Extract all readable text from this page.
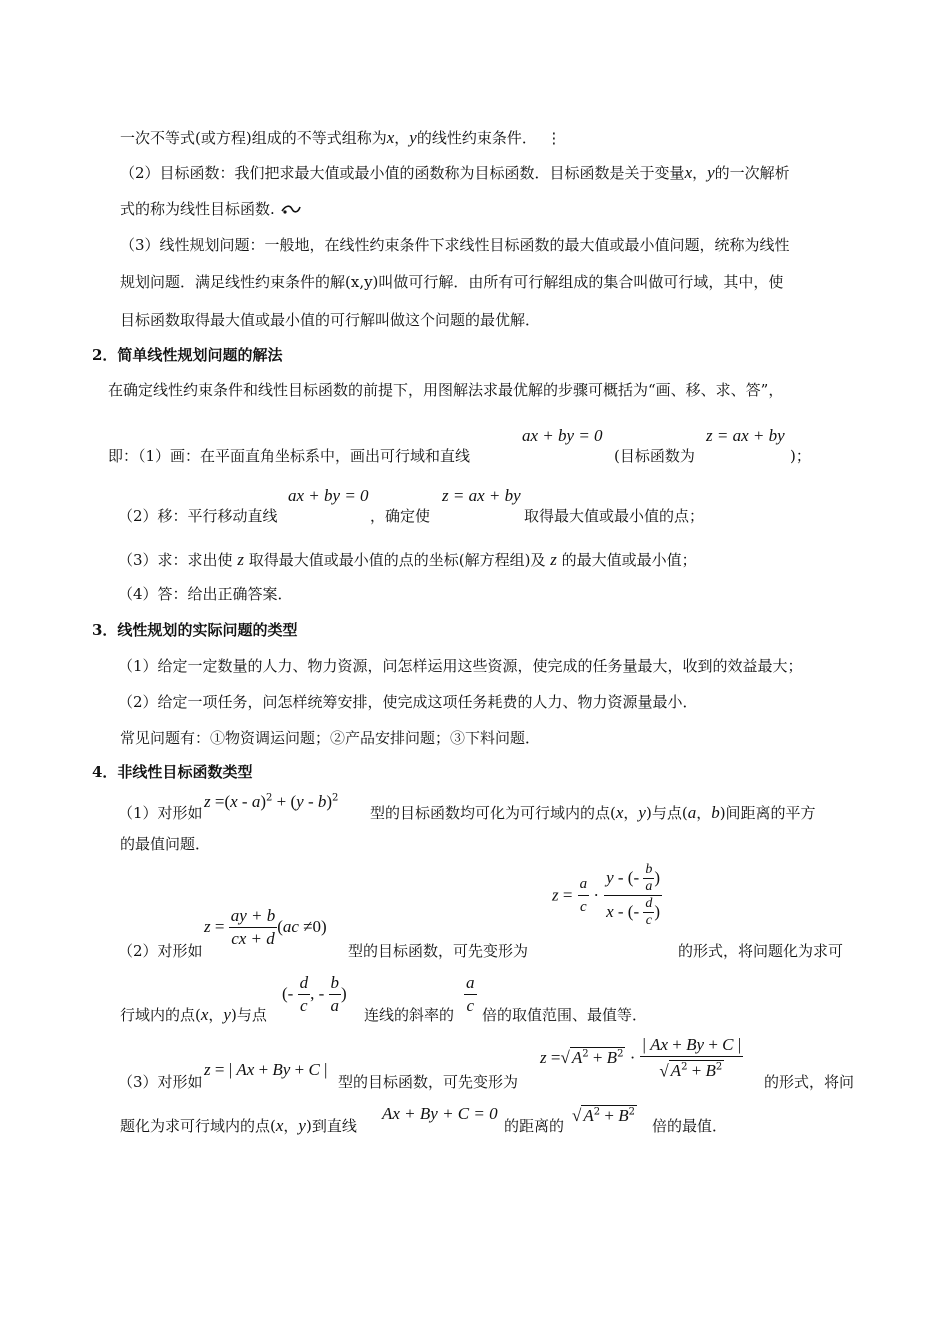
一次不等式(或方程)组成的不等式组称为x，y的线性约束条件． ⋮
（2）目标函数：我们把求最大值或最小值的函数称为目标函数．目标函数是关于变量x，y的一次解析
式的称为线性目标函数.
（3）线性规划问题：一般地，在线性约束条件下求线性目标函数的最大值或最小值问题，统称为线性
规划问题．满足线性约束条件的解(x,y)叫做可行解．由所有可行解组成的集合叫做可行域，其中，使
目标函数取得最大值或最小值的可行解叫做这个问题的最优解．
2．简单线性规划问题的解法
在确定线性约束条件和线性目标函数的前提下，用图解法求最优解的步骤可概括为“画、移、求、答”，
即：（1）画：在平面直角坐标系中，画出可行域和直线
ax + by = 0
(目标函数为
z = ax + by
)；
（2）移：平行移动直线
ax + by = 0
，确定使
z = ax + by
取得最大值或最小值的点；
（3）求：求出使 z 取得最大值或最小值的点的坐标(解方程组)及 z 的最大值或最小值；
（4）答：给出正确答案．
3．线性规划的实际问题的类型
（1）给定一定数量的人力、物力资源，问怎样运用这些资源，使完成的任务量最大，收到的效益最大；
（2）给定一项任务，问怎样统筹安排，使完成这项任务耗费的人力、物力资源量最小．
常见问题有：①物资调运问题；②产品安排问题；③下料问题．
4．非线性目标函数类型
（1）对形如
z =(x - a)$^2$ + (y - b)$^2$
型的目标函数均可化为可行域内的点(x，y)与点(a，b)间距离的平方
的最值问题．
$z = \frac{ay + b}{cx + d} (ac \ne 0)$
$z = \frac{a}{c} \cdot \frac{y - (- \frac{b}{a} )}{x - (- \frac{d}{c} )}$
（2）对形如	型的目标函数，可先变形为	的形式，将问题化为求可
行域内的点(x，y)与点
(- $\frac{d}{c}$ , - $\frac{b}{a}$ )
连线的斜率的 $\frac{a}{c}$ 倍的取值范围、最值等．
（3）对形如
z = | Ax + By + C |
型的目标函数，可先变形为
z =√ $A^2 + B^2 \cdot \frac{| Ax + By + C |}{√ A^2 + B^2}$ 的形式，将问
题化为求可行域内的点(x，y)到直线
Ax + By + C = 0
的距离的
√ $A^2 + B^2$
倍的最值．
